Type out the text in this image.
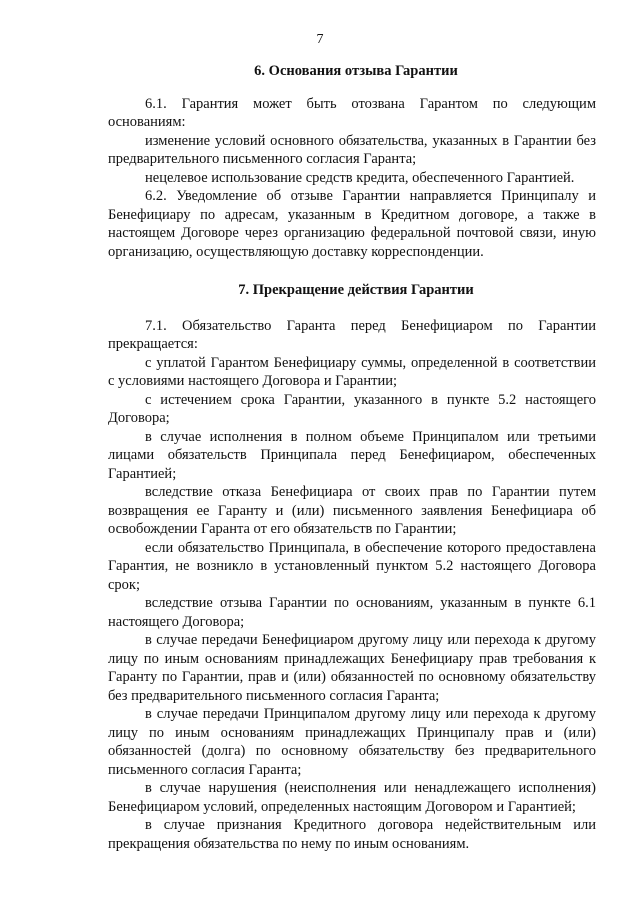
7
6. Основания отзыва Гарантии

6.1. Гарантия может быть отозвана Гарантом по следующим основаниям:

изменение условий основного обязательства, указанных в Гарантии без предварительного письменного согласия Гаранта;

нецелевое использование средств кредита, обеспеченного Гарантией.

6.2. Уведомление об отзыве Гарантии направляется Принципалу и Бенефициару по адресам, указанным в Кредитном договоре, а также в настоящем Договоре через организацию федеральной почтовой связи, иную организацию, осуществляющую доставку корреспонденции.

7. Прекращение действия Гарантии

7.1. Обязательство Гаранта перед Бенефициаром по Гарантии прекращается:

с уплатой Гарантом Бенефициару суммы, определенной в соответствии с условиями настоящего Договора и Гарантии;

с истечением срока Гарантии, указанного в пункте 5.2 настоящего Договора;

в случае исполнения в полном объеме Принципалом или третьими лицами обязательств Принципала перед Бенефициаром, обеспеченных Гарантией;

вследствие отказа Бенефициара от своих прав по Гарантии путем возвращения ее Гаранту и (или) письменного заявления Бенефициара об освобождении Гаранта от его обязательств по Гарантии;

если обязательство Принципала, в обеспечение которого предоставлена Гарантия, не возникло в установленный пунктом 5.2 настоящего Договора срок;

вследствие отзыва Гарантии по основаниям, указанным в пункте 6.1 настоящего Договора;

в случае передачи Бенефициаром другому лицу или перехода к другому лицу по иным основаниям принадлежащих Бенефициару прав требования к Гаранту по Гарантии, прав и (или) обязанностей по основному обязательству без предварительного письменного согласия Гаранта;

в случае передачи Принципалом другому лицу или перехода к другому лицу по иным основаниям принадлежащих Принципалу прав и (или) обязанностей (долга) по основному обязательству без предварительного письменного согласия Гаранта;

в случае нарушения (неисполнения или ненадлежащего исполнения) Бенефициаром условий, определенных настоящим Договором и Гарантией;

в случае признания Кредитного договора недействительным или прекращения обязательства по нему по иным основаниям.
